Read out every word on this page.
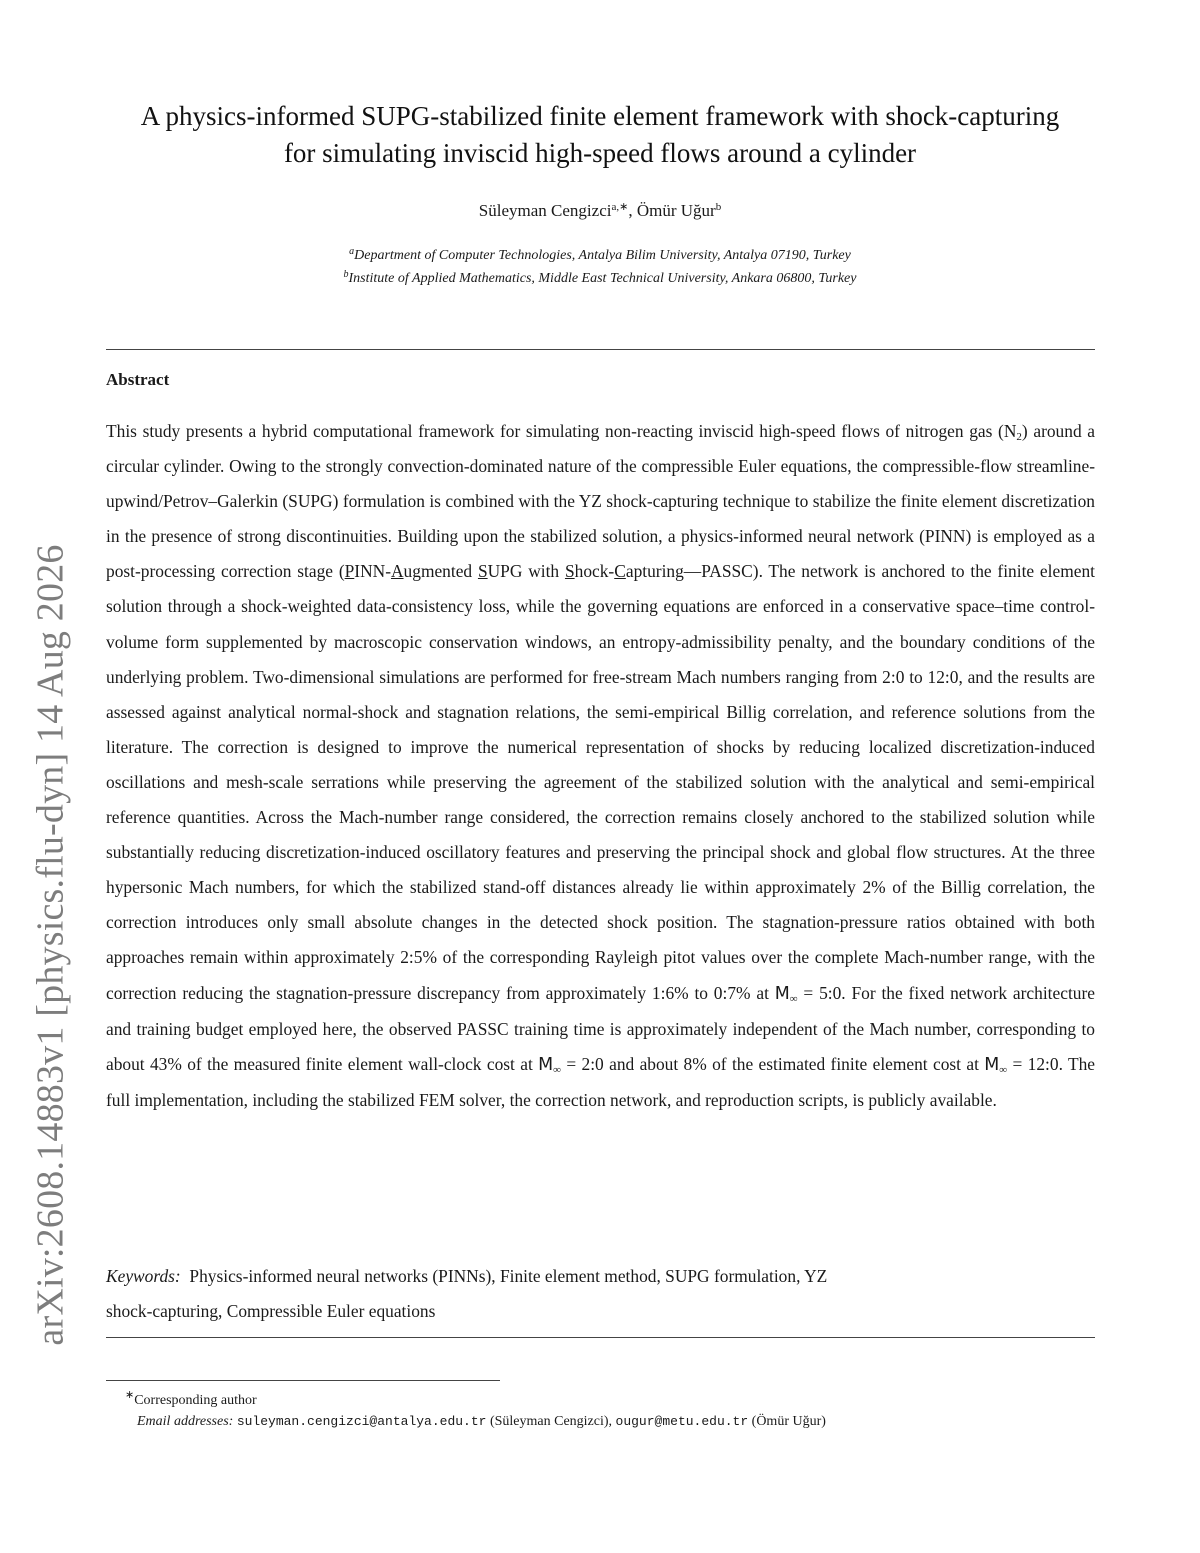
arXiv:2608.14883v1 [physics.flu-dyn] 14 Aug 2026
A physics-informed SUPG-stabilized finite element framework with shock-capturing
for simulating inviscid high-speed flows around a cylinder
Süleyman Cengizci$^{a,∗}$, Ömür Uğur$^b$
$^a$Department of Computer Technologies, Antalya Bilim University, Antalya 07190, Turkey
$^b$Institute of Applied Mathematics, Middle East Technical University, Ankara 06800, Turkey
Abstract

This study presents a hybrid computational framework for simulating non-reacting inviscid high-speed flows of nitrogen gas $(N_2)$ around a circular cylinder. Owing to the strongly convection-dominated nature of the compressible Euler equations, the compressible-flow streamline-upwind/Petrov–Galerkin (SUPG) formulation is combined with the YZ shock-capturing technique to stabilize the finite element discretization in the presence of strong discontinuities. Building upon the stabilized solution, a physics-informed neural network (PINN) is employed as a post-processing correction stage (PINN-Augmented SUPG with Shock-Capturing—PASSC). The network is anchored to the finite element solution through a shock-weighted data-consistency loss, while the governing equations are enforced in a conservative space–time control-volume form supplemented by macroscopic conservation windows, an entropy-admissibility penalty, and the boundary conditions of the underlying problem. Two-dimensional simulations are performed for free-stream Mach numbers ranging from 2:0 to 12:0, and the results are assessed against analytical normal-shock and stagnation relations, the semi-empirical Billig correlation, and reference solutions from the literature. The correction is designed to improve the numerical representation of shocks by reducing localized discretization-induced oscillations and mesh-scale serrations while preserving the agreement of the stabilized solution with the analytical and semi-empirical reference quantities. Across the Mach-number range considered, the correction remains closely anchored to the stabilized solution while substantially reducing discretization-induced oscillatory features and preserving the principal shock and global flow structures. At the three hypersonic Mach numbers, for which the stabilized stand-off distances already lie within approximately 2% of the Billig correlation, the correction introduces only small absolute changes in the detected shock position. The stagnation-pressure ratios obtained with both approaches remain within approximately 2:5% of the corresponding Rayleigh pitot values over the complete Mach-number range, with the correction reducing the stagnation-pressure discrepancy from approximately 1:6% to 0:7% at $M_\infty$ = 5:0. For the fixed network architecture and training budget employed here, the observed PASSC training time is approximately independent of the Mach number, corresponding to about 43% of the measured finite element wall-clock cost at $M_\infty$ = 2:0 and about 8% of the estimated finite element cost at $M_\infty$ = 12:0. The full implementation, including the stabilized FEM solver, the correction network, and reproduction scripts, is publicly available.

Keywords: Physics-informed neural networks (PINNs), Finite element method, SUPG formulation, YZ
shock-capturing, Compressible Euler equations
∗Corresponding author
Email addresses: suleyman.cengizci@antalya.edu.tr (Süleyman Cengizci), ougur@metu.edu.tr (Ömür Uğur)
